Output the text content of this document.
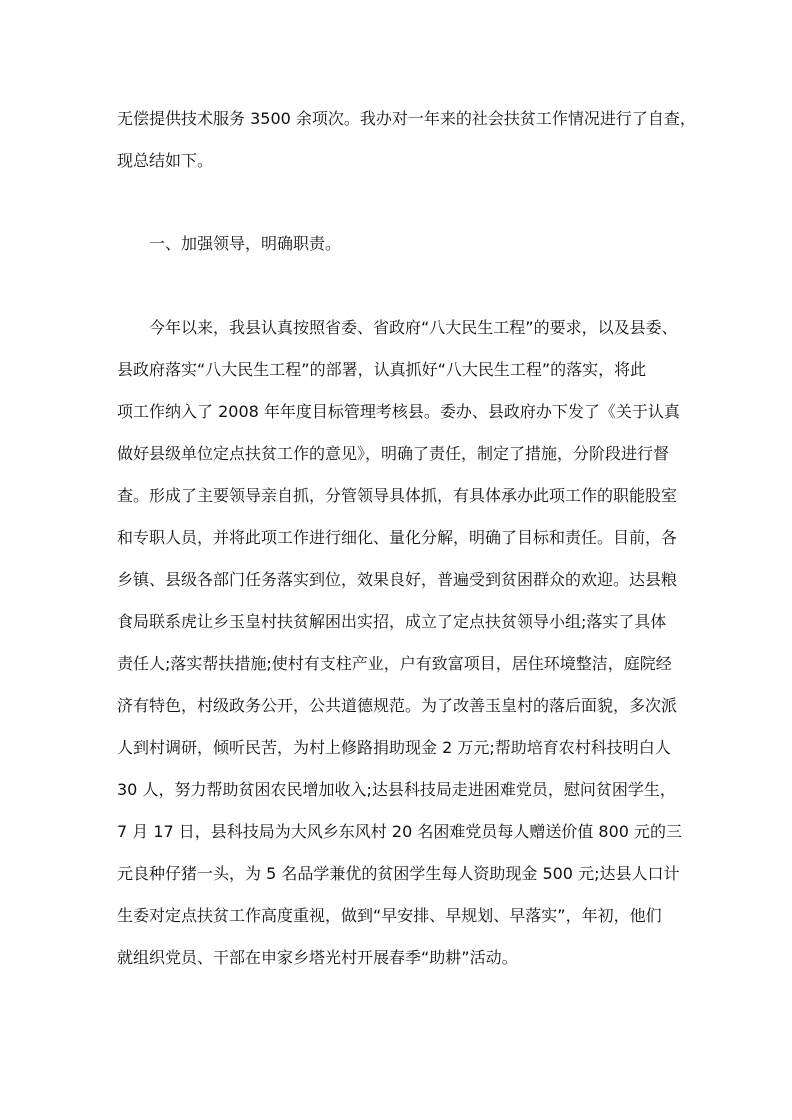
无偿提供技术服务 3500 余项次。我办对一年来的社会扶贫工作情况进行了自查，
现总结如下。
一、加强领导，明确职责。
今年以来，我县认真按照省委、省政府“八大民生工程”的要求，以及县委、
县政府落实“八大民生工程”的部署，认真抓好“八大民生工程”的落实，将此
项工作纳入了 2008 年年度目标管理考核县。委办、县政府办下发了《关于认真
做好县级单位定点扶贫工作的意见》，明确了责任，制定了措施，分阶段进行督
查。形成了主要领导亲自抓，分管领导具体抓，有具体承办此项工作的职能股室
和专职人员，并将此项工作进行细化、量化分解，明确了目标和责任。目前，各
乡镇、县级各部门任务落实到位，效果良好，普遍受到贫困群众的欢迎。达县粮
食局联系虎让乡玉皇村扶贫解困出实招，成立了定点扶贫领导小组;落实了具体
责任人;落实帮扶措施;使村有支柱产业，户有致富项目，居住环境整洁，庭院经
济有特色，村级政务公开，公共道德规范。为了改善玉皇村的落后面貌，多次派
人到村调研，倾听民苦，为村上修路捐助现金 2 万元;帮助培育农村科技明白人
30 人，努力帮助贫困农民增加收入;达县科技局走进困难党员，慰问贫困学生，
7 月 17 日，县科技局为大风乡东风村 20 名困难党员每人赠送价值 800 元的三
元良种仔猪一头，为 5 名品学兼优的贫困学生每人资助现金 500 元;达县人口计
生委对定点扶贫工作高度重视，做到“早安排、早规划、早落实”，年初，他们
就组织党员、干部在申家乡塔光村开展春季“助耕”活动。
